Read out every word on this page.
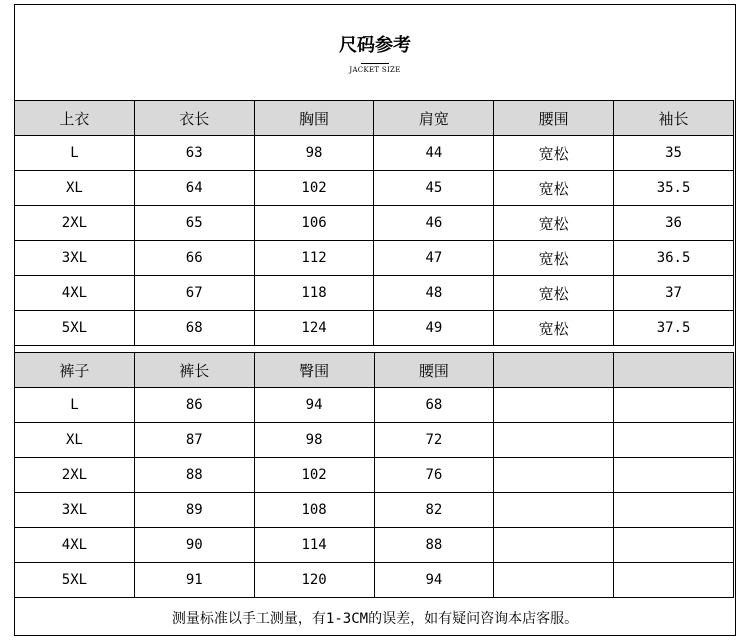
尺码参考
JACKET SIZE
上衣	衣长	胸围	肩宽	腰围	袖长
L	63	98	44	宽松	35
XL	64	102	45	宽松	35.5
2XL	65	106	46	宽松	36
3XL	66	112	47	宽松	36.5
4XL	67	118	48	宽松	37
5XL	68	124	49	宽松	37.5
裤子	裤长	臀围	腰围		
L	86	94	68		
XL	87	98	72		
2XL	88	102	76		
3XL	89	108	82		
4XL	90	114	88		
5XL	91	120	94		
测量标准以手工测量，有1-3CM的误差，如有疑问咨询本店客服。
